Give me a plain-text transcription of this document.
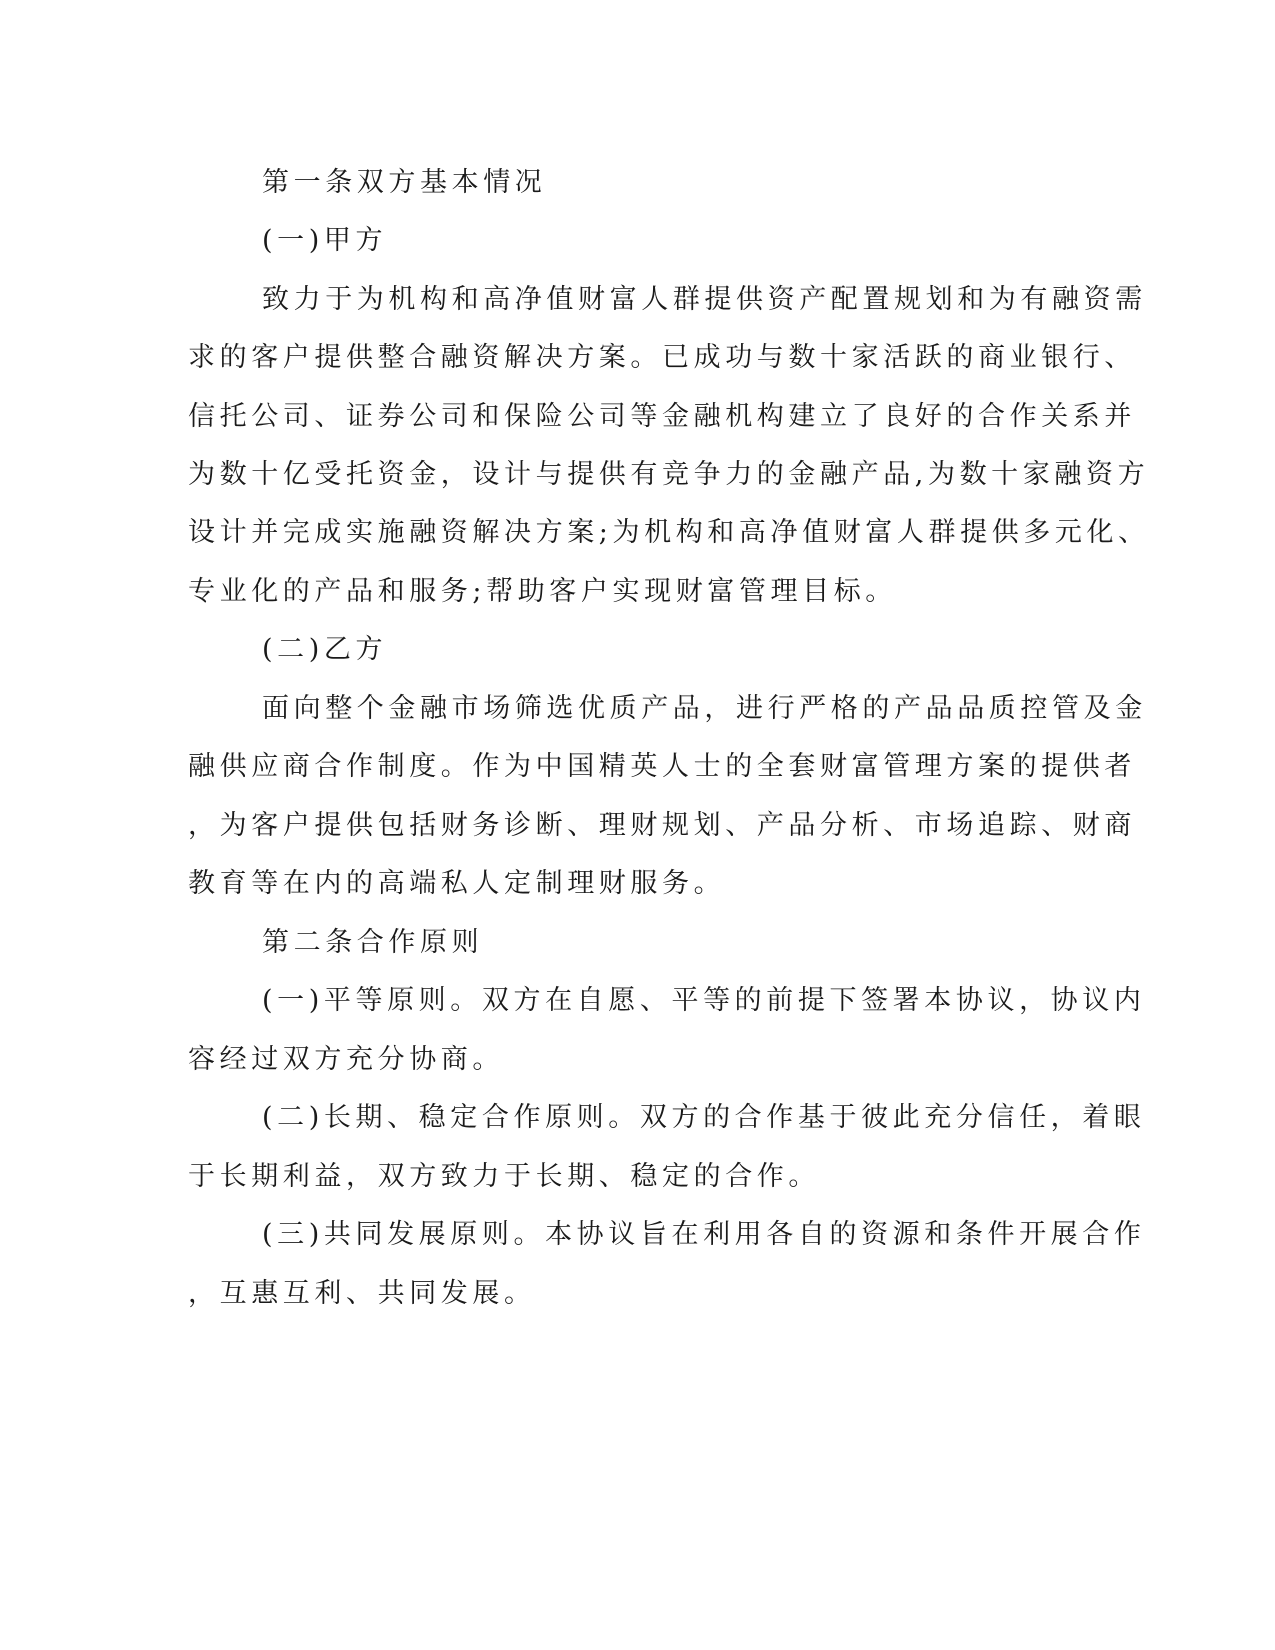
第一条双方基本情况
(一)甲方
致力于为机构和高净值财富人群提供资产配置规划和为有融资需
求的客户提供整合融资解决方案。已成功与数十家活跃的商业银行、
信托公司、证券公司和保险公司等金融机构建立了良好的合作关系并
为数十亿受托资金，设计与提供有竞争力的金融产品,为数十家融资方
设计并完成实施融资解决方案;为机构和高净值财富人群提供多元化、
专业化的产品和服务;帮助客户实现财富管理目标。
(二)乙方
面向整个金融市场筛选优质产品，进行严格的产品品质控管及金
融供应商合作制度。作为中国精英人士的全套财富管理方案的提供者
，为客户提供包括财务诊断、理财规划、产品分析、市场追踪、财商
教育等在内的高端私人定制理财服务。
第二条合作原则
(一)平等原则。双方在自愿、平等的前提下签署本协议，协议内
容经过双方充分协商。
(二)长期、稳定合作原则。双方的合作基于彼此充分信任，着眼
于长期利益，双方致力于长期、稳定的合作。
(三)共同发展原则。本协议旨在利用各自的资源和条件开展合作
，互惠互利、共同发展。
